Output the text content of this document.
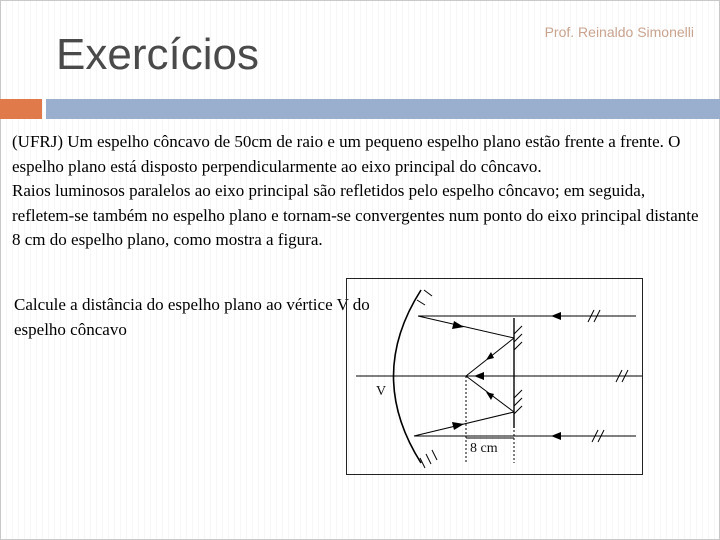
Exercícios	Prof. Reinaldo Simonelli

(UFRJ) Um espelho côncavo de 50cm de raio e um pequeno espelho plano estão frente a frente. O espelho plano está disposto perpendicularmente ao eixo principal do côncavo.

Raios luminosos paralelos ao eixo principal são refletidos pelo espelho côncavo; em seguida, refletem-se também no espelho plano e tornam-se convergentes num ponto do eixo principal distante 8 cm do espelho plano, como mostra a figura.

Calcule a distância do espelho plano ao vértice V do espelho côncavo

V
8 cm
